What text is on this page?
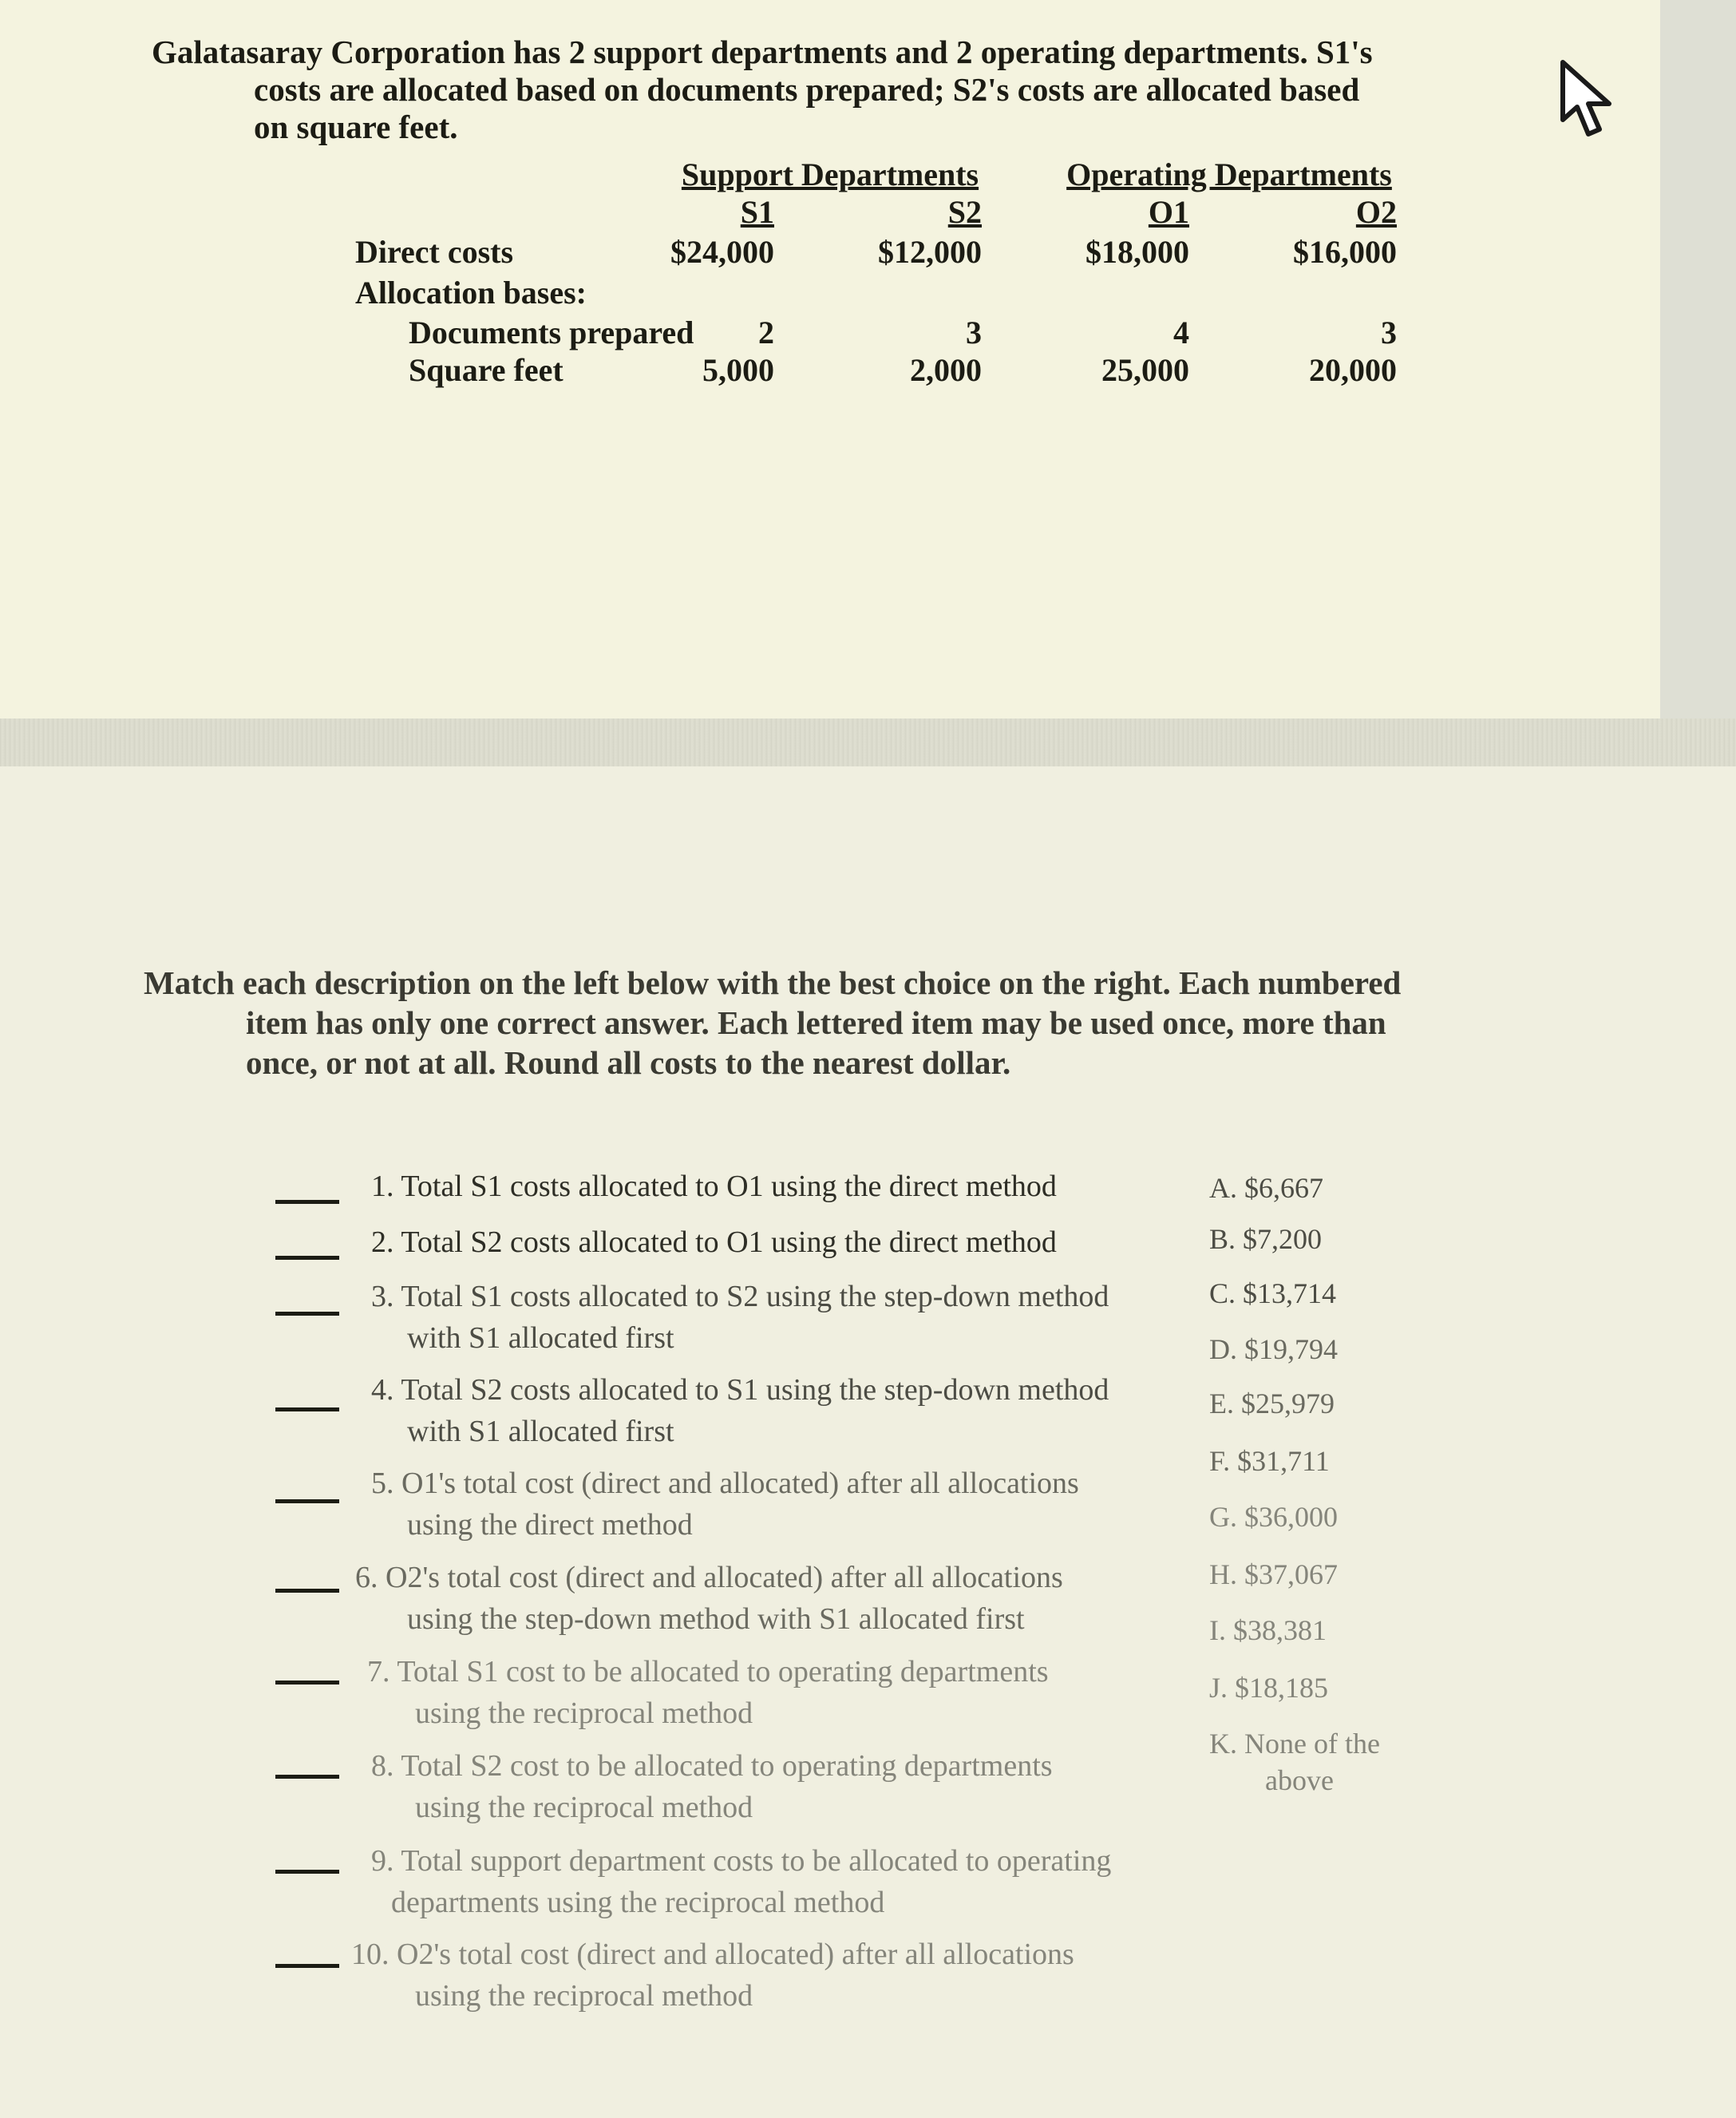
Galatasaray Corporation has 2 support departments and 2 operating departments. S1's
costs are allocated based on documents prepared; S2's costs are allocated based
on square feet.
Support Departments	Operating Departments
S1	S2	O1	O2
Direct costs	$24,000	$12,000	$18,000	$16,000
Allocation bases:
Documents prepared	2	3	4	3
Square feet	5,000	2,000	25,000	20,000
Match each description on the left below with the best choice on the right. Each numbered
item has only one correct answer. Each lettered item may be used once, more than
once, or not at all. Round all costs to the nearest dollar.
1. Total S1 costs allocated to O1 using the direct method
2. Total S2 costs allocated to O1 using the direct method
3. Total S1 costs allocated to S2 using the step-down method
with S1 allocated first
4. Total S2 costs allocated to S1 using the step-down method
with S1 allocated first
5. O1's total cost (direct and allocated) after all allocations
using the direct method
6. O2's total cost (direct and allocated) after all allocations
using the step-down method with S1 allocated first
7. Total S1 cost to be allocated to operating departments
using the reciprocal method
8. Total S2 cost to be allocated to operating departments
using the reciprocal method
9. Total support department costs to be allocated to operating
departments using the reciprocal method
10. O2's total cost (direct and allocated) after all allocations
using the reciprocal method
A. $6,667
B. $7,200
C. $13,714
D. $19,794
E. $25,979
F. $31,711
G. $36,000
H. $37,067
I. $38,381
J. $18,185
K. None of the
above
